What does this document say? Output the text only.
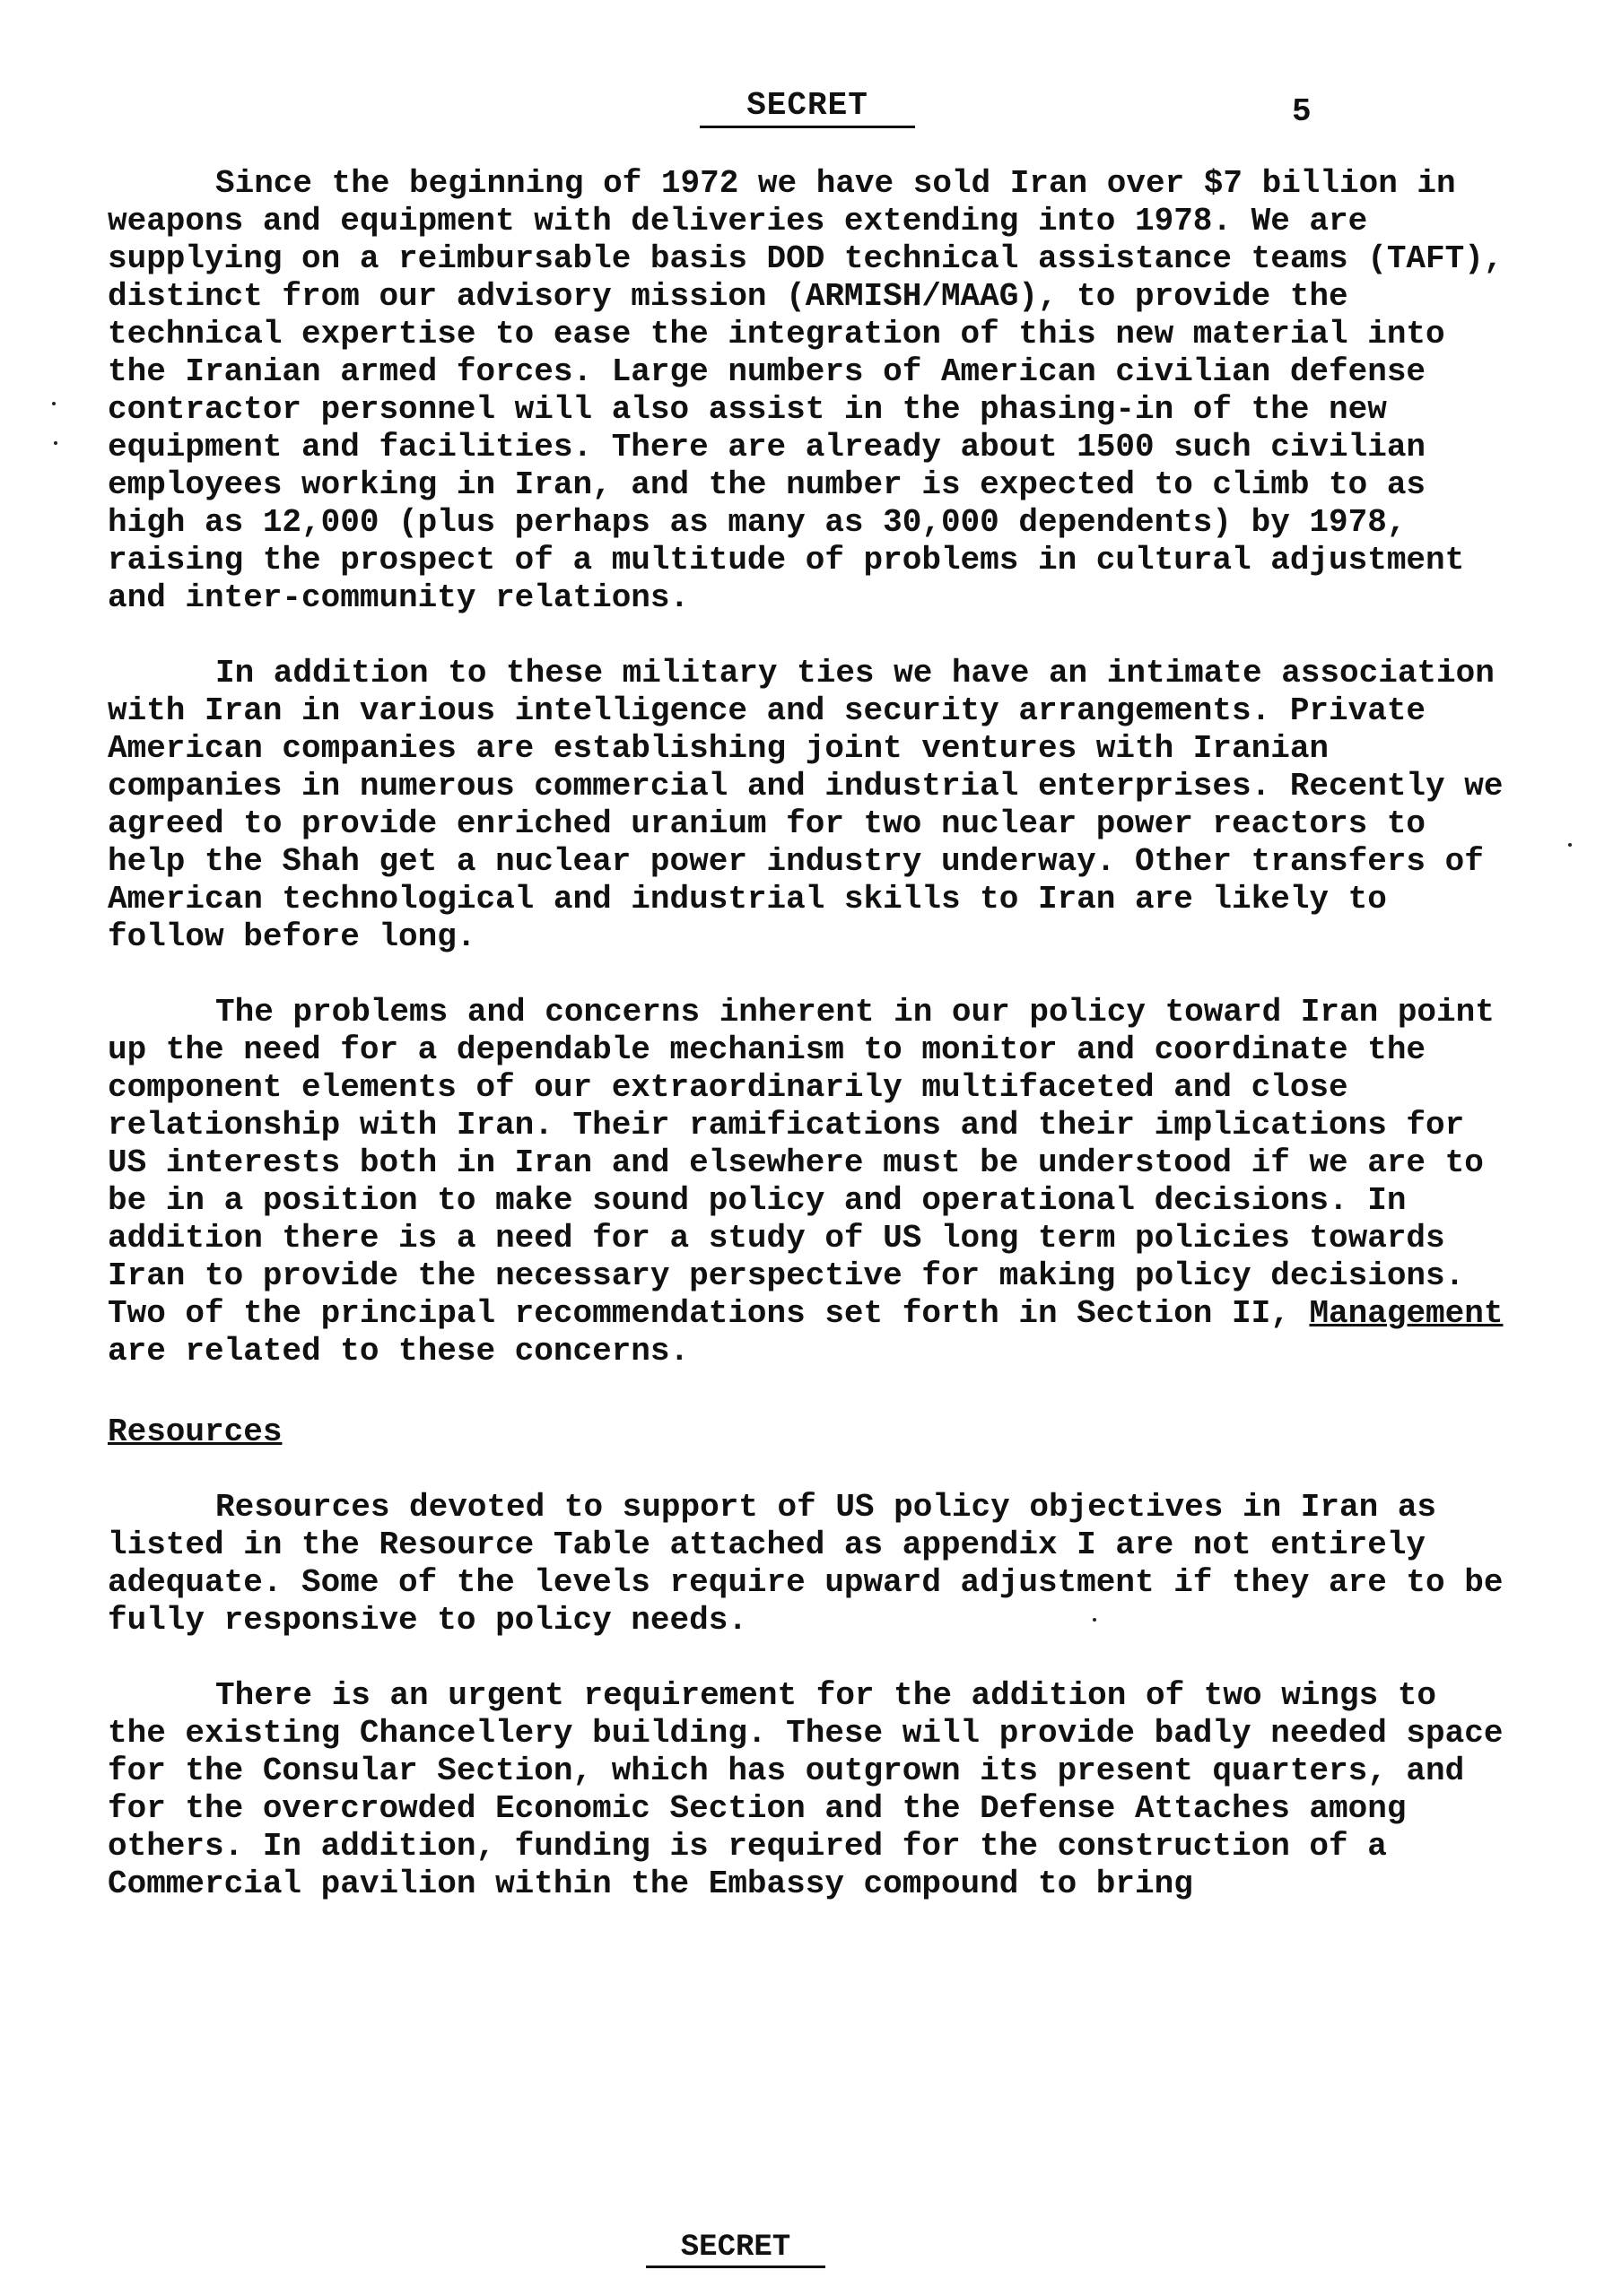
SECRET	5

Since the beginning of 1972 we have sold Iran over $7 billion in weapons and equipment with deliveries extending into 1978. We are supplying on a reimbursable basis DOD technical assistance teams (TAFT), distinct from our advisory mission (ARMISH/MAAG), to provide the technical expertise to ease the integration of this new material into the Iranian armed forces. Large numbers of American civilian defense contractor personnel will also assist in the phasing-in of the new equipment and facilities. There are already about 1500 such civilian employees working in Iran, and the number is expected to climb to as high as 12,000 (plus perhaps as many as 30,000 dependents) by 1978, raising the prospect of a multitude of problems in cultural adjustment and inter-community relations.

In addition to these military ties we have an intimate association with Iran in various intelligence and security arrangements. Private American companies are establishing joint ventures with Iranian companies in numerous commercial and industrial enterprises. Recently we agreed to provide enriched uranium for two nuclear power reactors to help the Shah get a nuclear power industry underway. Other transfers of American technological and industrial skills to Iran are likely to follow before long.

The problems and concerns inherent in our policy toward Iran point up the need for a dependable mechanism to monitor and coordinate the component elements of our extraordinarily multifaceted and close relationship with Iran. Their ramifications and their implications for US interests both in Iran and elsewhere must be understood if we are to be in a position to make sound policy and operational decisions. In addition there is a need for a study of US long term policies towards Iran to provide the necessary perspective for making policy decisions. Two of the principal recommendations set forth in Section II, Management are related to these concerns.

Resources

Resources devoted to support of US policy objectives in Iran as listed in the Resource Table attached as appendix I are not entirely adequate. Some of the levels require upward adjustment if they are to be fully responsive to policy needs.

There is an urgent requirement for the addition of two wings to the existing Chancellery building. These will provide badly needed space for the Consular Section, which has outgrown its present quarters, and for the overcrowded Economic Section and the Defense Attaches among others. In addition, funding is required for the construction of a Commercial pavilion within the Embassy compound to bring

SECRET
